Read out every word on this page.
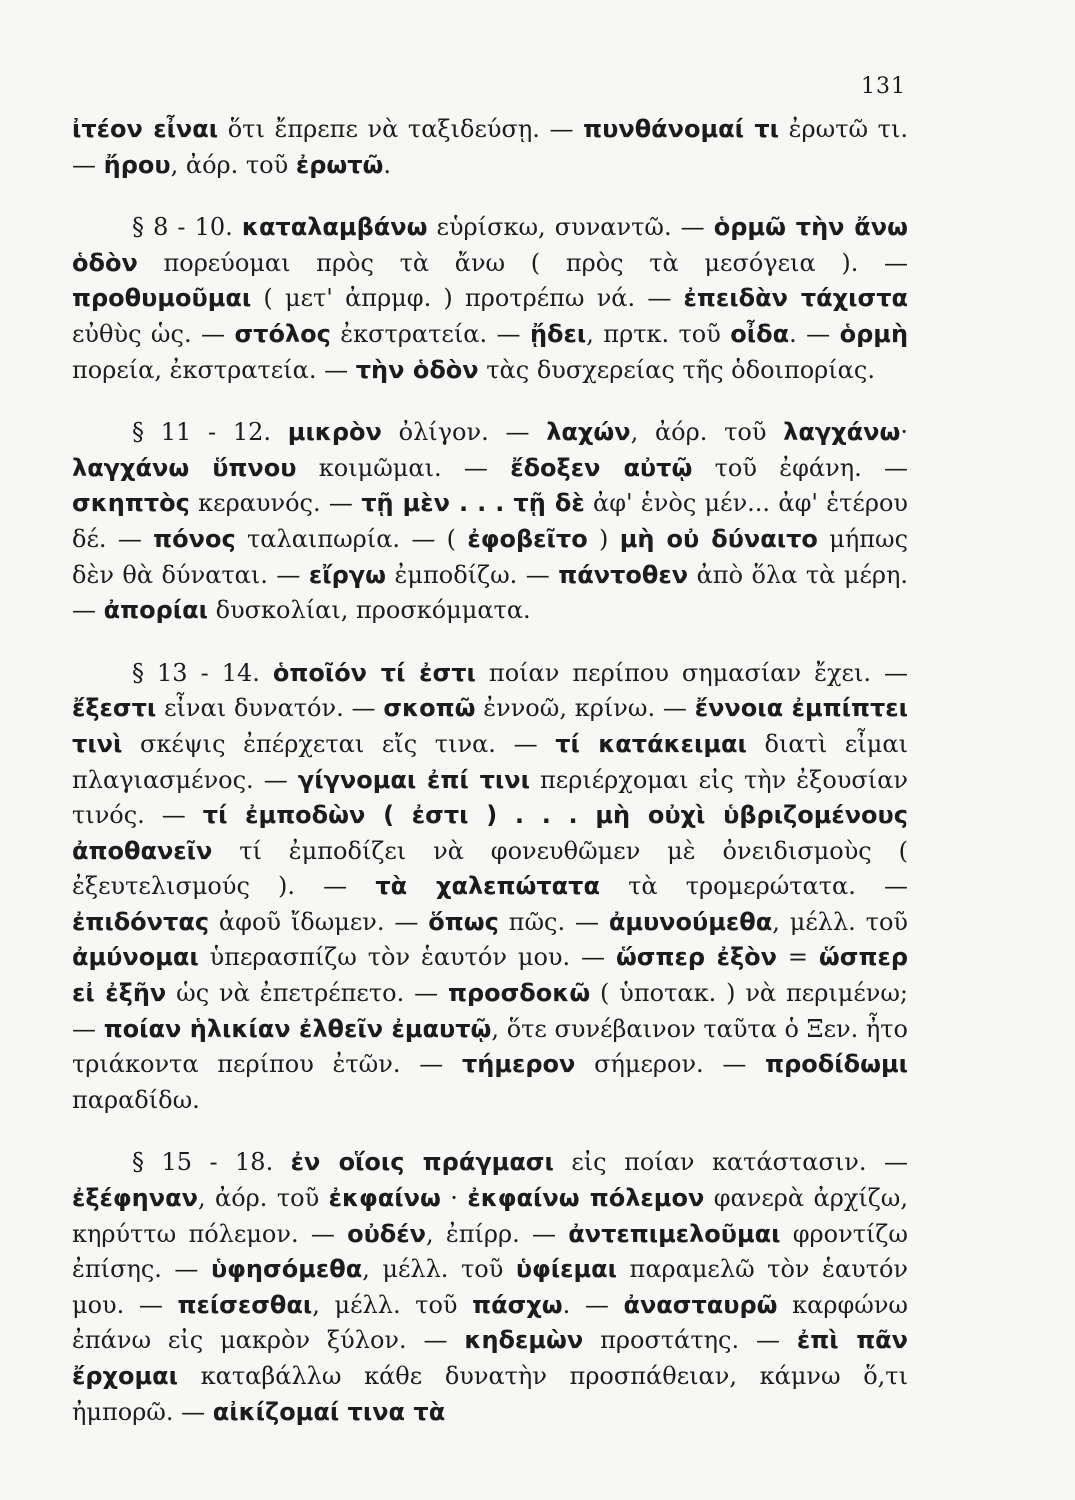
131

ἰτέον εἶναι ὅτι ἔπρεπε νὰ ταξιδεύσῃ. — πυνθάνομαί τι ἐρωτῶ τι. — ἤρου, ἀόρ. τοῦ ἐρωτῶ.

§ 8 - 10. καταλαμβάνω εὑρίσκω, συναντῶ. — ὁρμῶ τὴν ἄνω ὁδὸν πορεύομαι πρὸς τὰ ἄνω ( πρὸς τὰ μεσόγεια ). — προθυμοῦμαι ( μετ' ἀπρμφ. ) προτρέπω νά. — ἐπειδὰν τάχιστα εὐθὺς ὡς. — στόλος ἐκστρατεία. — ᾔδει, πρτκ. τοῦ οἶδα. — ὁρμὴ πορεία, ἐκστρατεία. — τὴν ὁδὸν τὰς δυσχερείας τῆς ὁδοιπορίας.

§ 11 - 12. μικρὸν ὀλίγον. — λαχών, ἀόρ. τοῦ λαγχάνω· λαγχάνω ὕπνου κοιμῶμαι. — ἔδοξεν αὐτῷ τοῦ ἐφάνη. — σκηπτὸς κεραυνός. — τῇ μὲν . . . τῇ δὲ ἀφ' ἑνὸς μέν... ἀφ' ἑτέρου δέ. — πόνος ταλαιπωρία. — ( ἐφοβεῖτο ) μὴ οὐ δύναιτο μήπως δὲν θὰ δύναται. — εἴργω ἐμποδίζω. — πάντοθεν ἀπὸ ὅλα τὰ μέρη. — ἀπορίαι δυσκολίαι, προσκόμματα.

§ 13 - 14. ὁποῖόν τί ἐστι ποίαν περίπου σημασίαν ἔχει. — ἔξεστι εἶναι δυνατόν. — σκοπῶ ἐννοῶ, κρίνω. — ἔννοια ἐμπίπτει τινὶ σκέψις ἐπέρχεται εἴς τινα. — τί κατάκειμαι διατὶ εἶμαι πλαγιασμένος. — γίγνομαι ἐπί τινι περιέρχομαι εἰς τὴν ἐξουσίαν τινός. — τί ἐμποδὼν ( ἐστι ) . . . μὴ οὐχὶ ὑβριζομένους ἀποθανεῖν τί ἐμποδίζει νὰ φονευθῶμεν μὲ ὀνειδισμοὺς ( ἐξευτελισμούς ). — τὰ χαλεπώτατα τὰ τρομερώτατα. — ἐπιδόντας ἀφοῦ ἴδωμεν. — ὅπως πῶς. — ἀμυνούμεθα, μέλλ. τοῦ ἀμύνομαι ὑπερασπίζω τὸν ἑαυτόν μου. — ὥσπερ ἐξὸν = ὥσπερ εἰ ἐξῆν ὡς νὰ ἐπετρέπετο. — προσδοκῶ ( ὑποτακ. ) νὰ περιμένω; — ποίαν ἡλικίαν ἐλθεῖν ἐμαυτῷ, ὅτε συνέβαινον ταῦτα ὁ Ξεν. ἦτο τριάκοντα περίπου ἐτῶν. — τήμερον σήμερον. — προδίδωμι παραδίδω.

§ 15 - 18. ἐν οἵοις πράγμασι εἰς ποίαν κατάστασιν. — ἐξέφηναν, ἀόρ. τοῦ ἐκφαίνω · ἐκφαίνω πόλεμον φανερὰ ἀρχίζω, κηρύττω πόλεμον. — οὐδέν, ἐπίρρ. — ἀντεπιμελοῦμαι φροντίζω ἐπίσης. — ὑφησόμεθα, μέλλ. τοῦ ὑφίεμαι παραμελῶ τὸν ἑαυτόν μου. — πείσεσθαι, μέλλ. τοῦ πάσχω. — ἀνασταυρῶ καρφώνω ἐπάνω εἰς μακρὸν ξύλον. — κηδεμὼν προστάτης. — ἐπὶ πᾶν ἔρχομαι καταβάλλω κάθε δυνατὴν προσπάθειαν, κάμνω ὅ,τι ἠμπορῶ. — αἰκίζομαί τινα τὰ
